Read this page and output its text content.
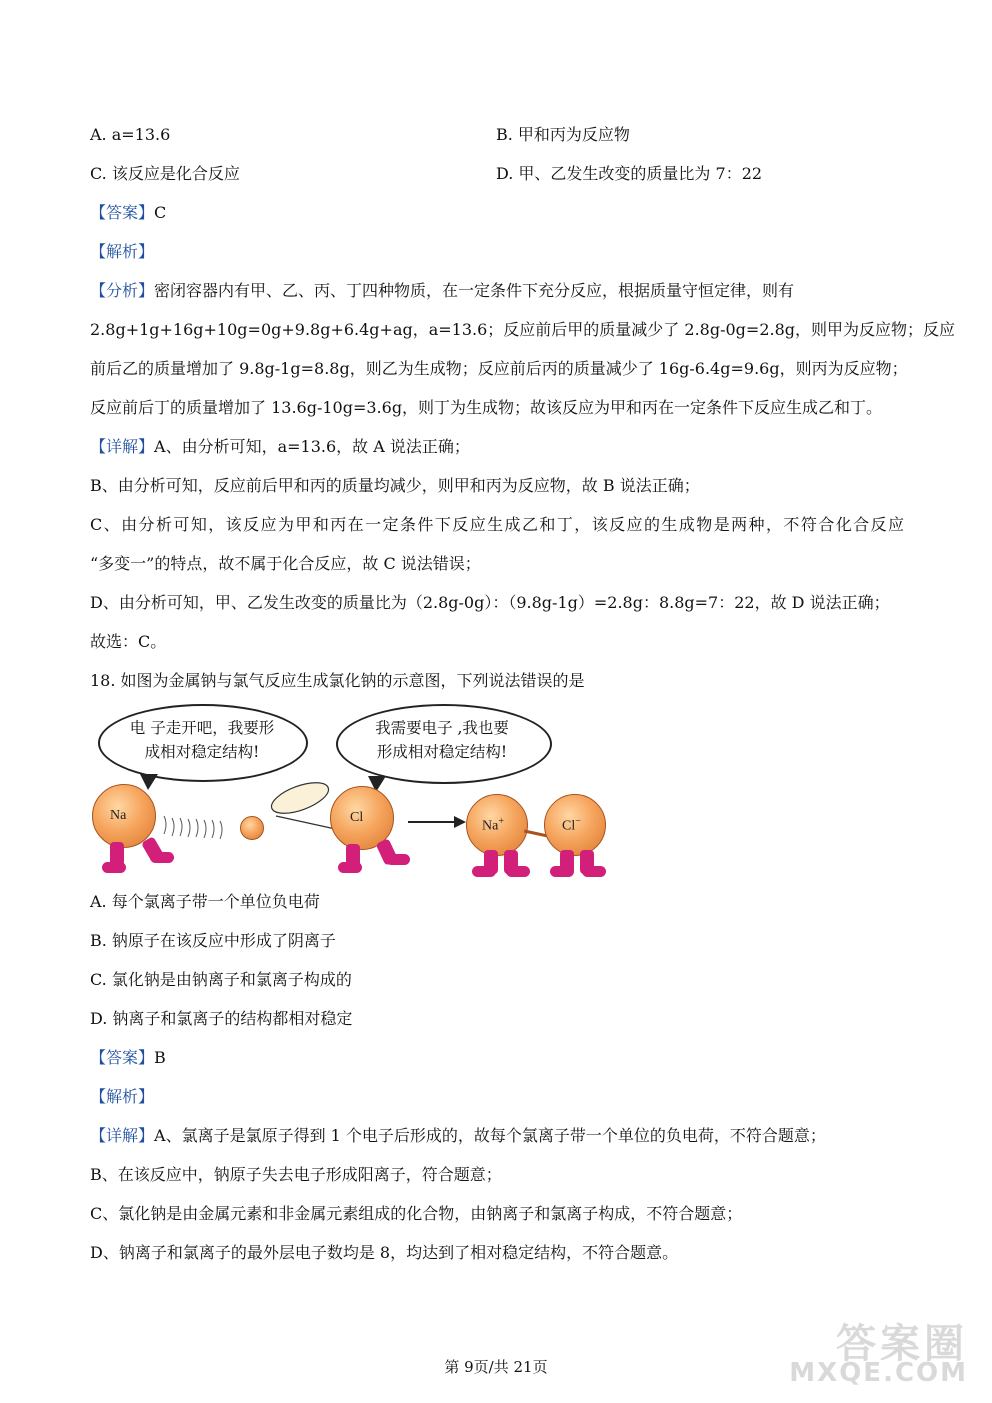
A. a=13.6	B. 甲和丙为反应物
C. 该反应是化合反应	D. 甲、乙发生改变的质量比为 7：22
【答案】C
【解析】
【分析】密闭容器内有甲、乙、丙、丁四种物质，在一定条件下充分反应，根据质量守恒定律，则有
2.8g+1g+16g+10g=0g+9.8g+6.4g+ag，a=13.6；反应前后甲的质量减少了 2.8g-0g=2.8g，则甲为反应物；反应
前后乙的质量增加了 9.8g-1g=8.8g，则乙为生成物；反应前后丙的质量减少了 16g-6.4g=9.6g，则丙为反应物；
反应前后丁的质量增加了 13.6g-10g=3.6g，则丁为生成物；故该反应为甲和丙在一定条件下反应生成乙和丁。
【详解】A、由分析可知，a=13.6，故 A 说法正确；
B、由分析可知，反应前后甲和丙的质量均减少，则甲和丙为反应物，故 B 说法正确；
C、由分析可知，该反应为甲和丙在一定条件下反应生成乙和丁，该反应的生成物是两种，不符合化合反应
“多变一”的特点，故不属于化合反应，故 C 说法错误；
D、由分析可知，甲、乙发生改变的质量比为（2.8g-0g）：（9.8g-1g）=2.8g：8.8g=7：22，故 D 说法正确；
故选：C。
18. 如图为金属钠与氯气反应生成氯化钠的示意图，下列说法错误的是
电 子走开吧，我要形
成相对稳定结构!
我需要电子 ,我也要
形成相对稳定结构!
Na	Cl
Na+	Cl−
A. 每个氯离子带一个单位负电荷
B. 钠原子在该反应中形成了阴离子
C. 氯化钠是由钠离子和氯离子构成的
D. 钠离子和氯离子的结构都相对稳定
【答案】B
【解析】
【详解】A、氯离子是氯原子得到 1 个电子后形成的，故每个氯离子带一个单位的负电荷，不符合题意；
B、在该反应中，钠原子失去电子形成阳离子，符合题意；
C、氯化钠是由金属元素和非金属元素组成的化合物，由钠离子和氯离子构成，不符合题意；
D、钠离子和氯离子的最外层电子数均是 8，均达到了相对稳定结构，不符合题意。
答案圈
MXQE.COM
第 9页/共 21页
